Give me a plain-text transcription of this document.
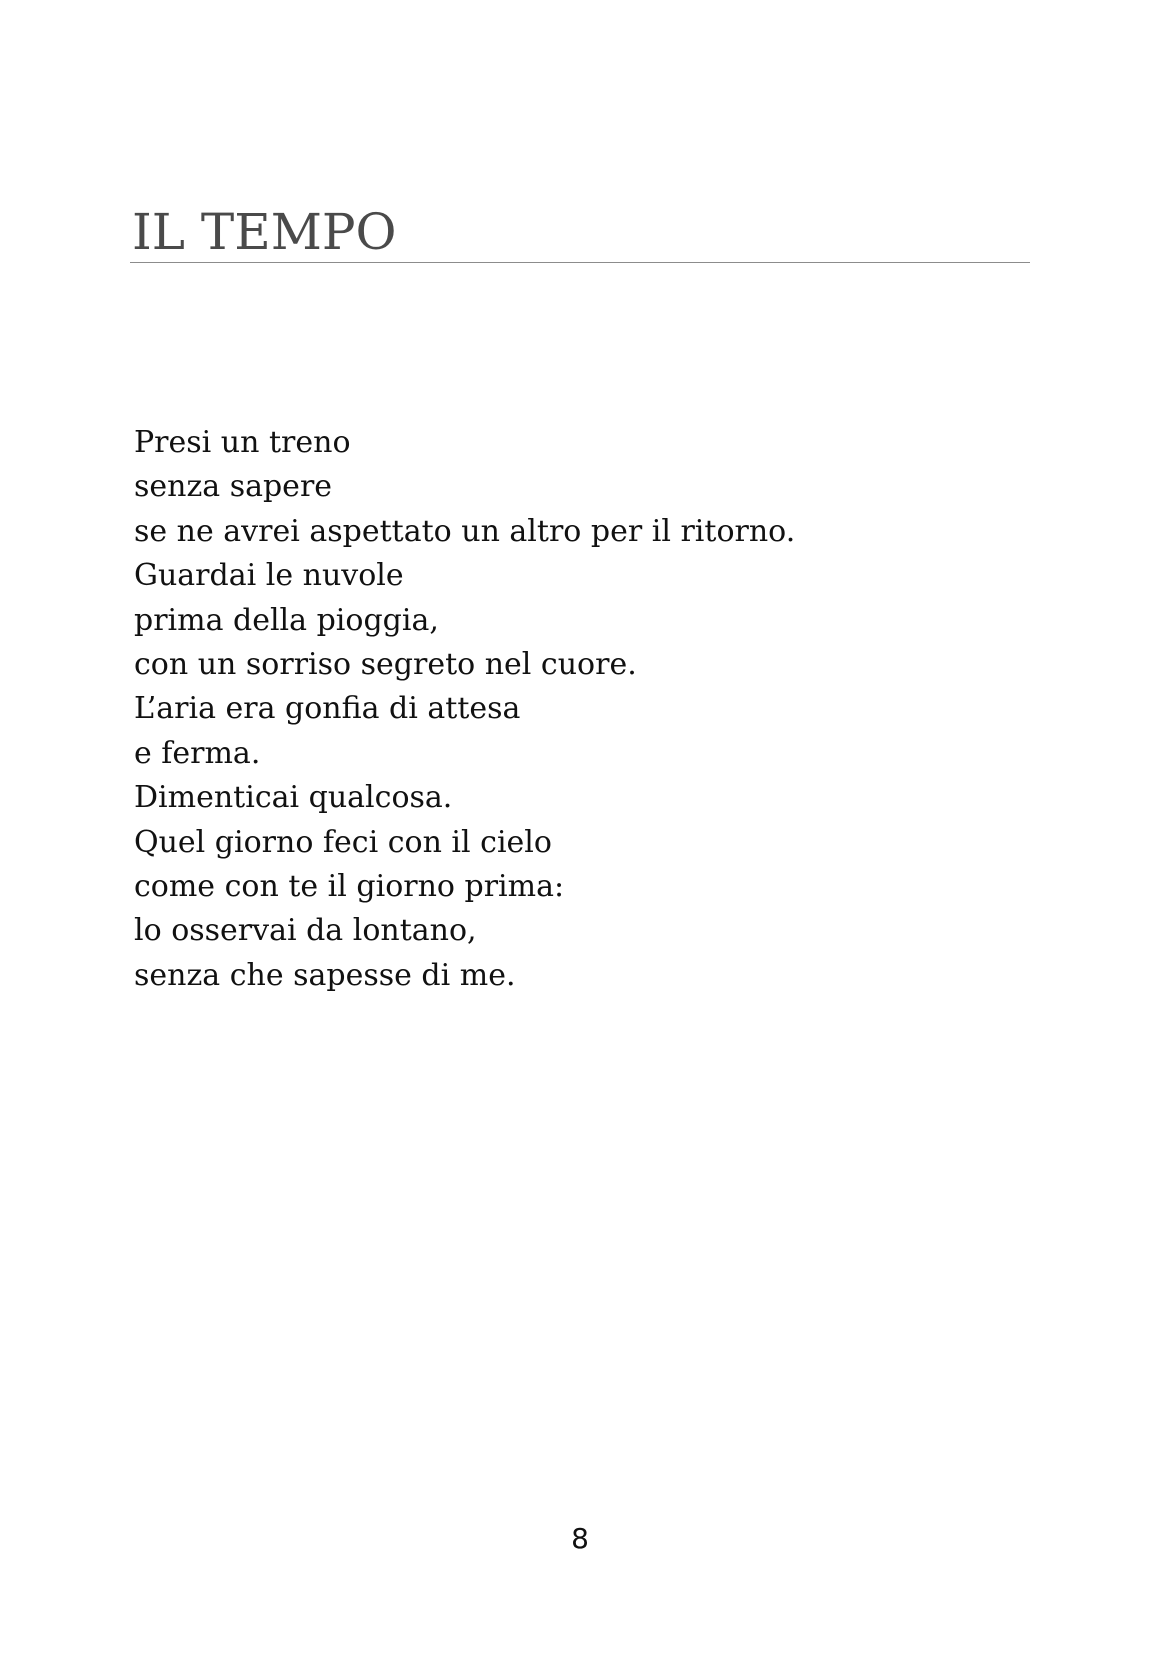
IL TEMPO
Presi un treno
senza sapere
se ne avrei aspettato un altro per il ritorno.
Guardai le nuvole
prima della pioggia,
con un sorriso segreto nel cuore.
L’aria era gonfia di attesa
e ferma.
Dimenticai qualcosa.
Quel giorno feci con il cielo
come con te il giorno prima:
lo osservai da lontano,
senza che sapesse di me.
8
